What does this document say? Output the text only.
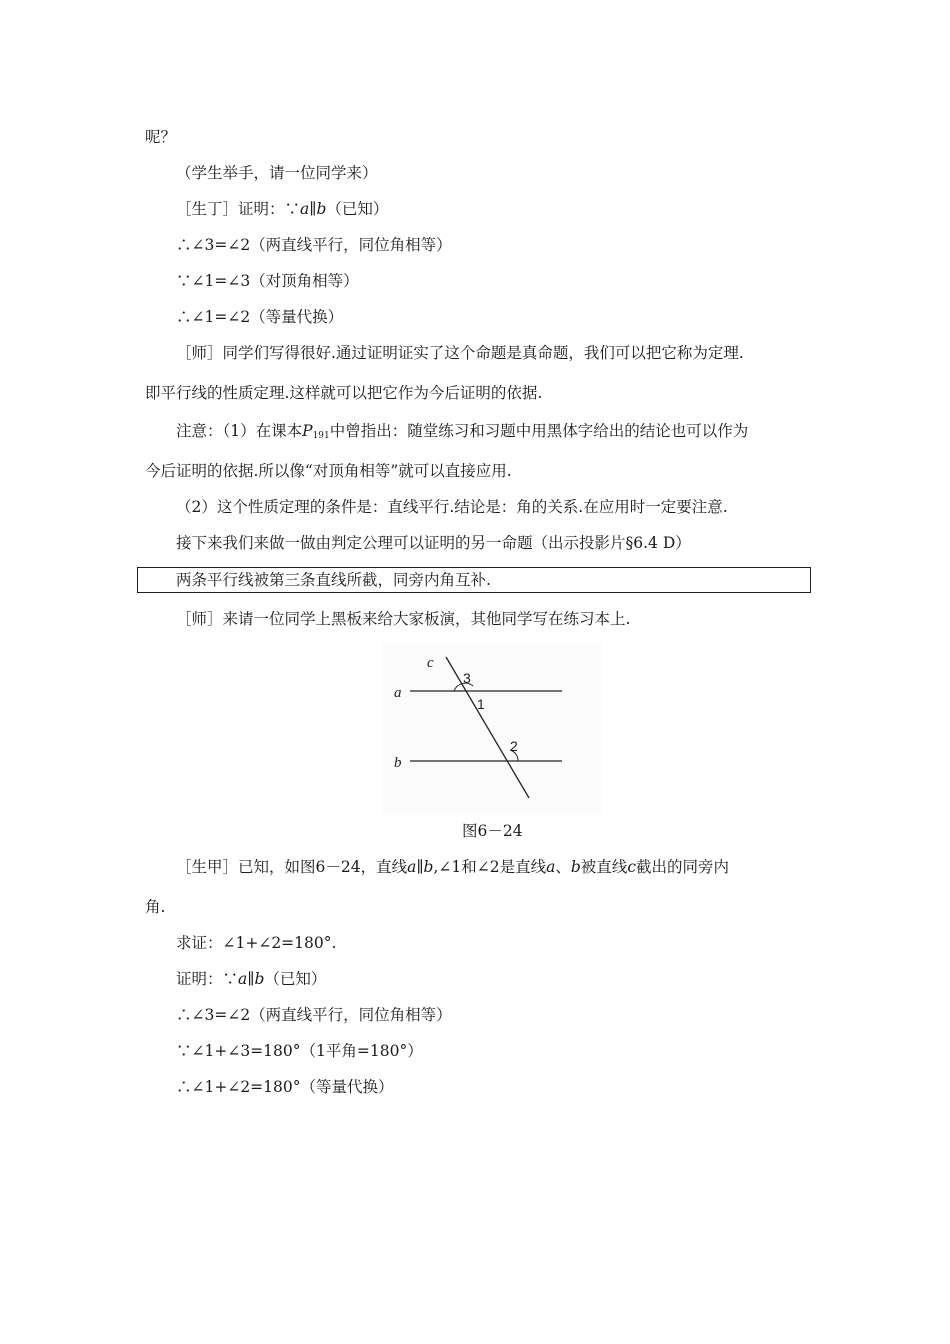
呢？
（学生举手，请一位同学来）
［生丁］证明：∵a∥b（已知）
∴∠3=∠2（两直线平行，同位角相等）
∵∠1=∠3（对顶角相等）
∴∠1=∠2（等量代换）
［师］同学们写得很好.通过证明证实了这个命题是真命题，我们可以把它称为定理.
即平行线的性质定理.这样就可以把它作为今后证明的依据.
注意：（1）在课本$P_{191}$中曾指出：随堂练习和习题中用黑体字给出的结论也可以作为
今后证明的依据.所以像“对顶角相等”就可以直接应用.
（2）这个性质定理的条件是：直线平行.结论是：角的关系.在应用时一定要注意.
接下来我们来做一做由判定公理可以证明的另一命题（出示投影片§6.4 D）
两条平行线被第三条直线所截，同旁内角互补.
［师］来请一位同学上黑板来给大家板演，其他同学写在练习本上.
c
a
b
3
1
2
图6－24
［生甲］已知，如图6－24，直线a∥b,∠1和∠2是直线a、b被直线c截出的同旁内
角.
求证：∠1+∠2=180°.
证明：∵a∥b（已知）
∴∠3=∠2（两直线平行，同位角相等）
∵∠1+∠3=180°（1平角=180°）
∴∠1+∠2=180°（等量代换）
